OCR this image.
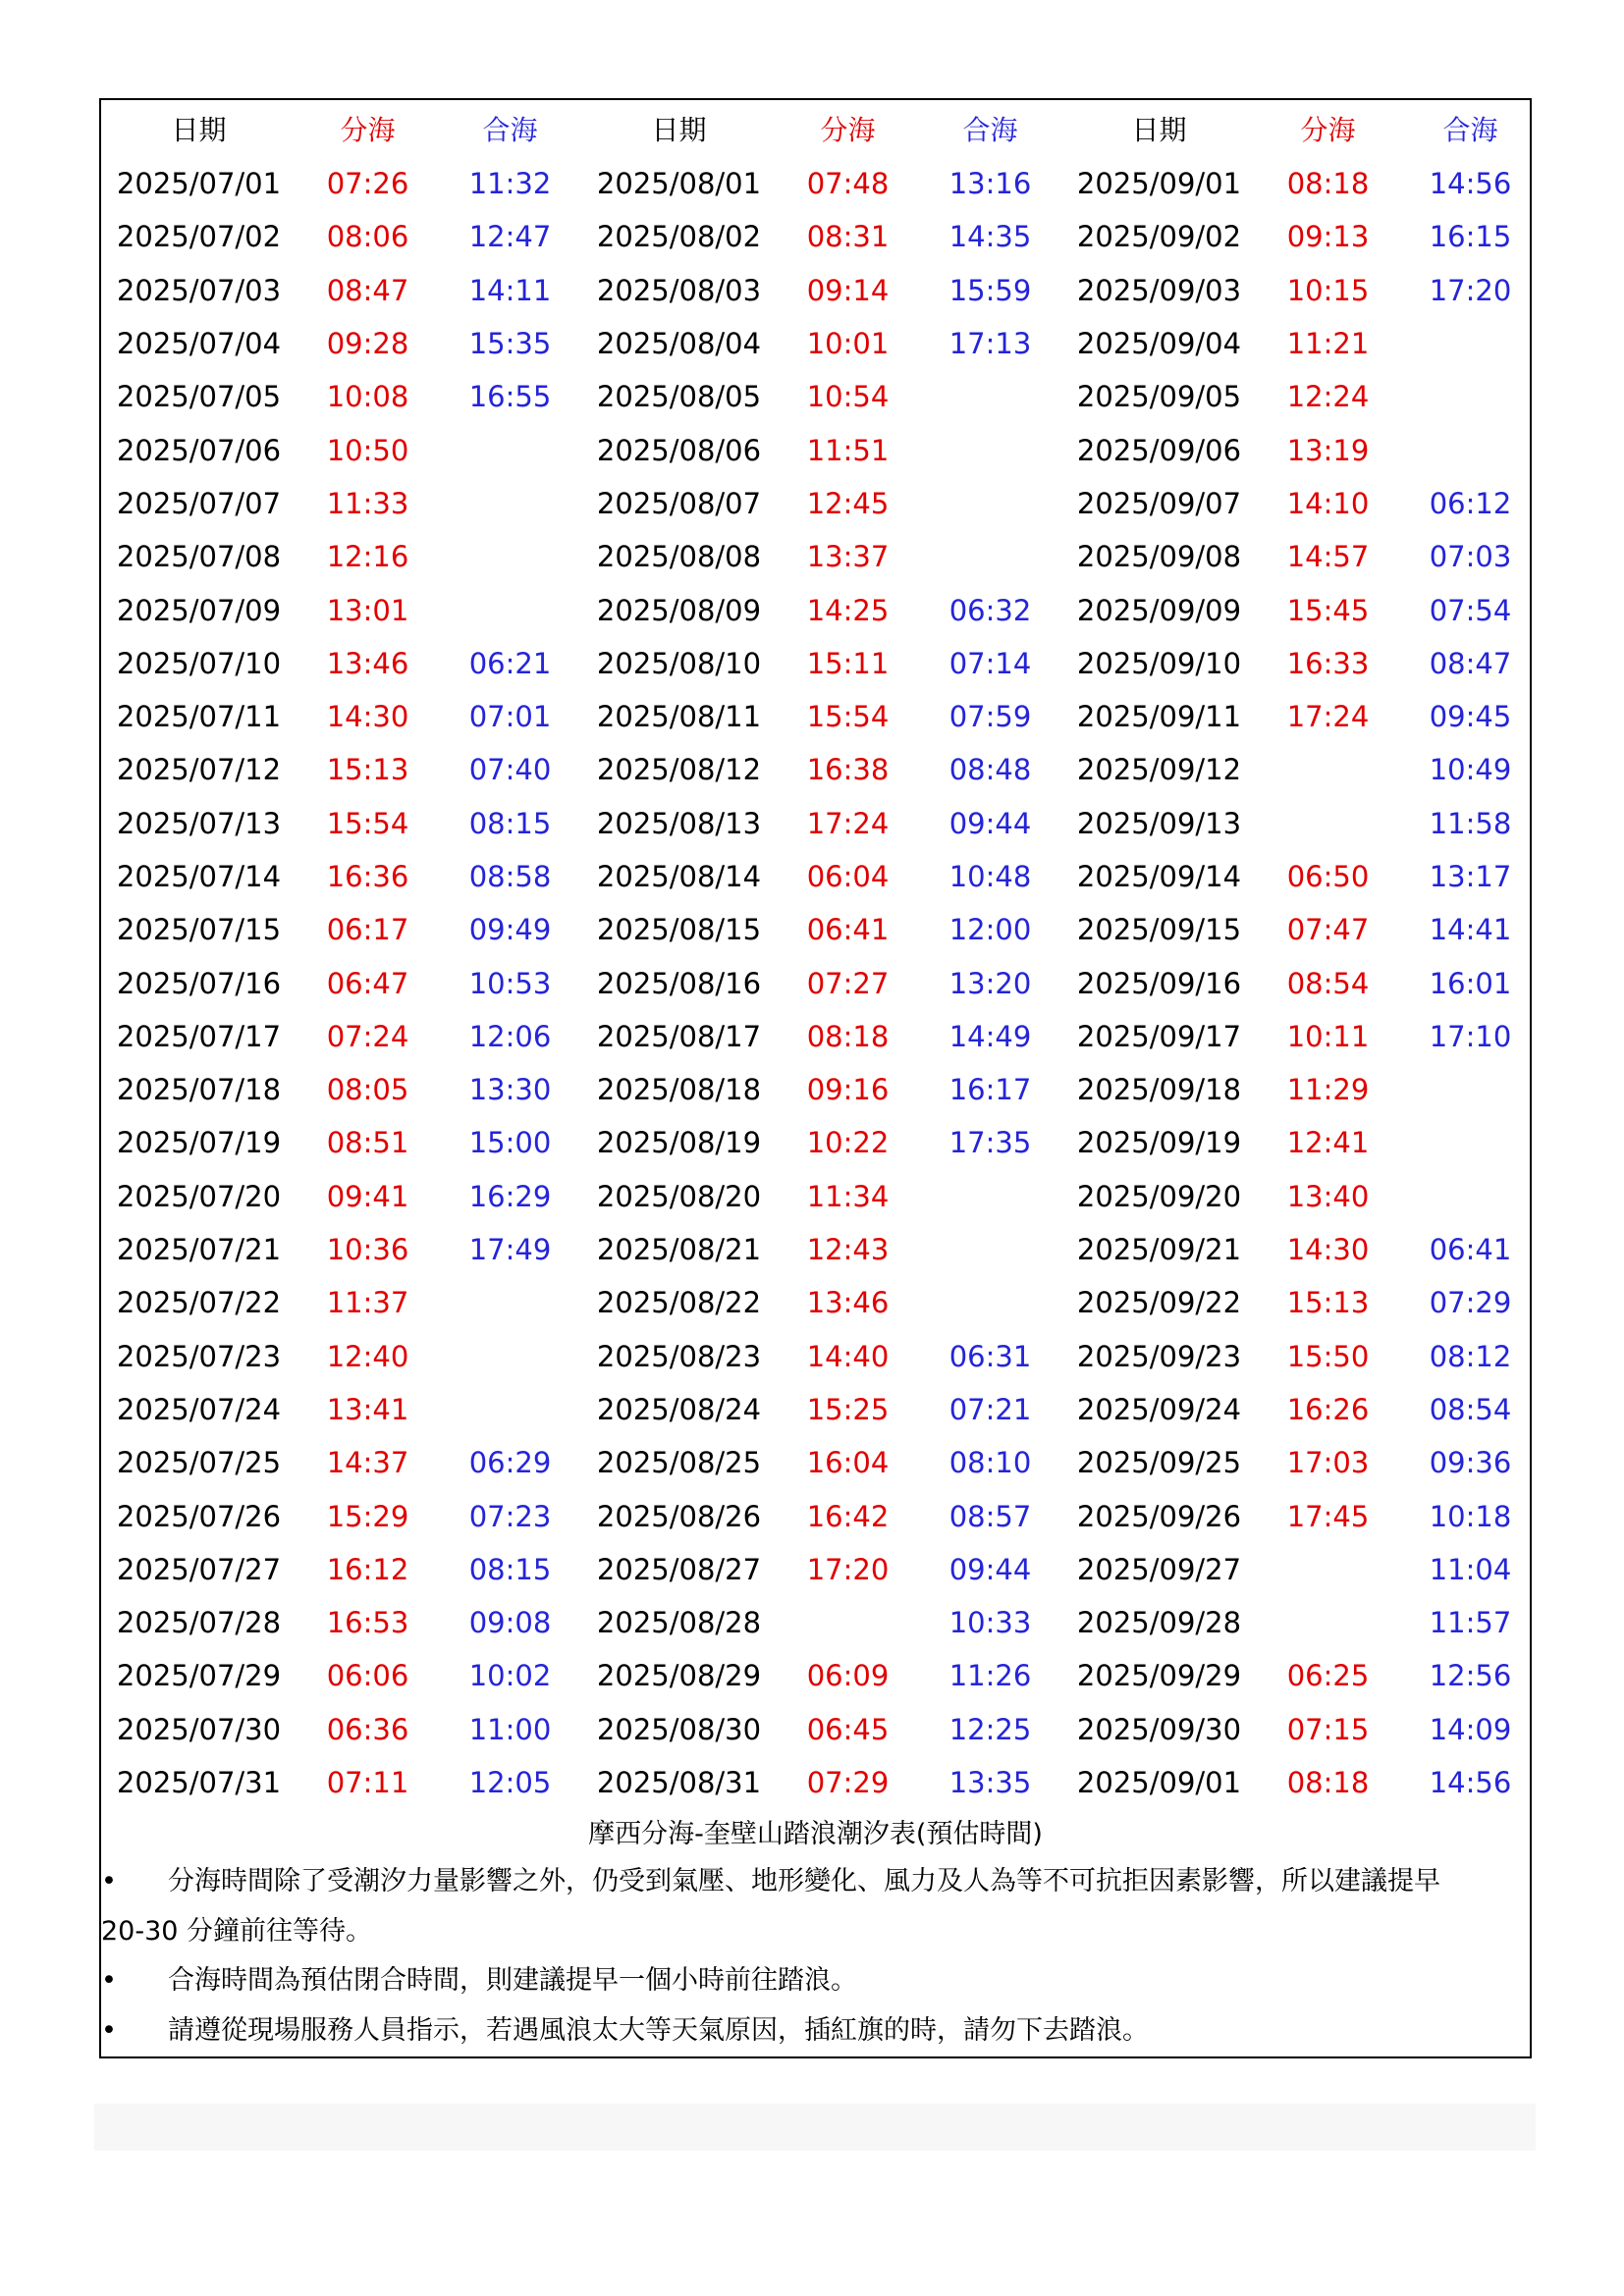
日期	分海	合海	日期	分海	合海	日期	分海	合海
2025/07/01	07:26	11:32	2025/08/01	07:48	13:16	2025/09/01	08:18	14:56
2025/07/02	08:06	12:47	2025/08/02	08:31	14:35	2025/09/02	09:13	16:15
2025/07/03	08:47	14:11	2025/08/03	09:14	15:59	2025/09/03	10:15	17:20
2025/07/04	09:28	15:35	2025/08/04	10:01	17:13	2025/09/04	11:21	
2025/07/05	10:08	16:55	2025/08/05	10:54		2025/09/05	12:24	
2025/07/06	10:50		2025/08/06	11:51		2025/09/06	13:19	
2025/07/07	11:33		2025/08/07	12:45		2025/09/07	14:10	06:12
2025/07/08	12:16		2025/08/08	13:37		2025/09/08	14:57	07:03
2025/07/09	13:01		2025/08/09	14:25	06:32	2025/09/09	15:45	07:54
2025/07/10	13:46	06:21	2025/08/10	15:11	07:14	2025/09/10	16:33	08:47
2025/07/11	14:30	07:01	2025/08/11	15:54	07:59	2025/09/11	17:24	09:45
2025/07/12	15:13	07:40	2025/08/12	16:38	08:48	2025/09/12		10:49
2025/07/13	15:54	08:15	2025/08/13	17:24	09:44	2025/09/13		11:58
2025/07/14	16:36	08:58	2025/08/14	06:04	10:48	2025/09/14	06:50	13:17
2025/07/15	06:17	09:49	2025/08/15	06:41	12:00	2025/09/15	07:47	14:41
2025/07/16	06:47	10:53	2025/08/16	07:27	13:20	2025/09/16	08:54	16:01
2025/07/17	07:24	12:06	2025/08/17	08:18	14:49	2025/09/17	10:11	17:10
2025/07/18	08:05	13:30	2025/08/18	09:16	16:17	2025/09/18	11:29	
2025/07/19	08:51	15:00	2025/08/19	10:22	17:35	2025/09/19	12:41	
2025/07/20	09:41	16:29	2025/08/20	11:34		2025/09/20	13:40	
2025/07/21	10:36	17:49	2025/08/21	12:43		2025/09/21	14:30	06:41
2025/07/22	11:37		2025/08/22	13:46		2025/09/22	15:13	07:29
2025/07/23	12:40		2025/08/23	14:40	06:31	2025/09/23	15:50	08:12
2025/07/24	13:41		2025/08/24	15:25	07:21	2025/09/24	16:26	08:54
2025/07/25	14:37	06:29	2025/08/25	16:04	08:10	2025/09/25	17:03	09:36
2025/07/26	15:29	07:23	2025/08/26	16:42	08:57	2025/09/26	17:45	10:18
2025/07/27	16:12	08:15	2025/08/27	17:20	09:44	2025/09/27		11:04
2025/07/28	16:53	09:08	2025/08/28		10:33	2025/09/28		11:57
2025/07/29	06:06	10:02	2025/08/29	06:09	11:26	2025/09/29	06:25	12:56
2025/07/30	06:36	11:00	2025/08/30	06:45	12:25	2025/09/30	07:15	14:09
2025/07/31	07:11	12:05	2025/08/31	07:29	13:35	2025/09/01	08:18	14:56
摩西分海-奎壁山踏浪潮汐表(預估時間)
•	分海時間除了受潮汐力量影響之外，仍受到氣壓、地形變化、風力及人為等不可抗拒因素影響，所以建議提早
20-30 分鐘前往等待。
•	合海時間為預估閉合時間，則建議提早一個小時前往踏浪。
•	請遵從現場服務人員指示，若遇風浪太大等天氣原因，插紅旗的時，請勿下去踏浪。
